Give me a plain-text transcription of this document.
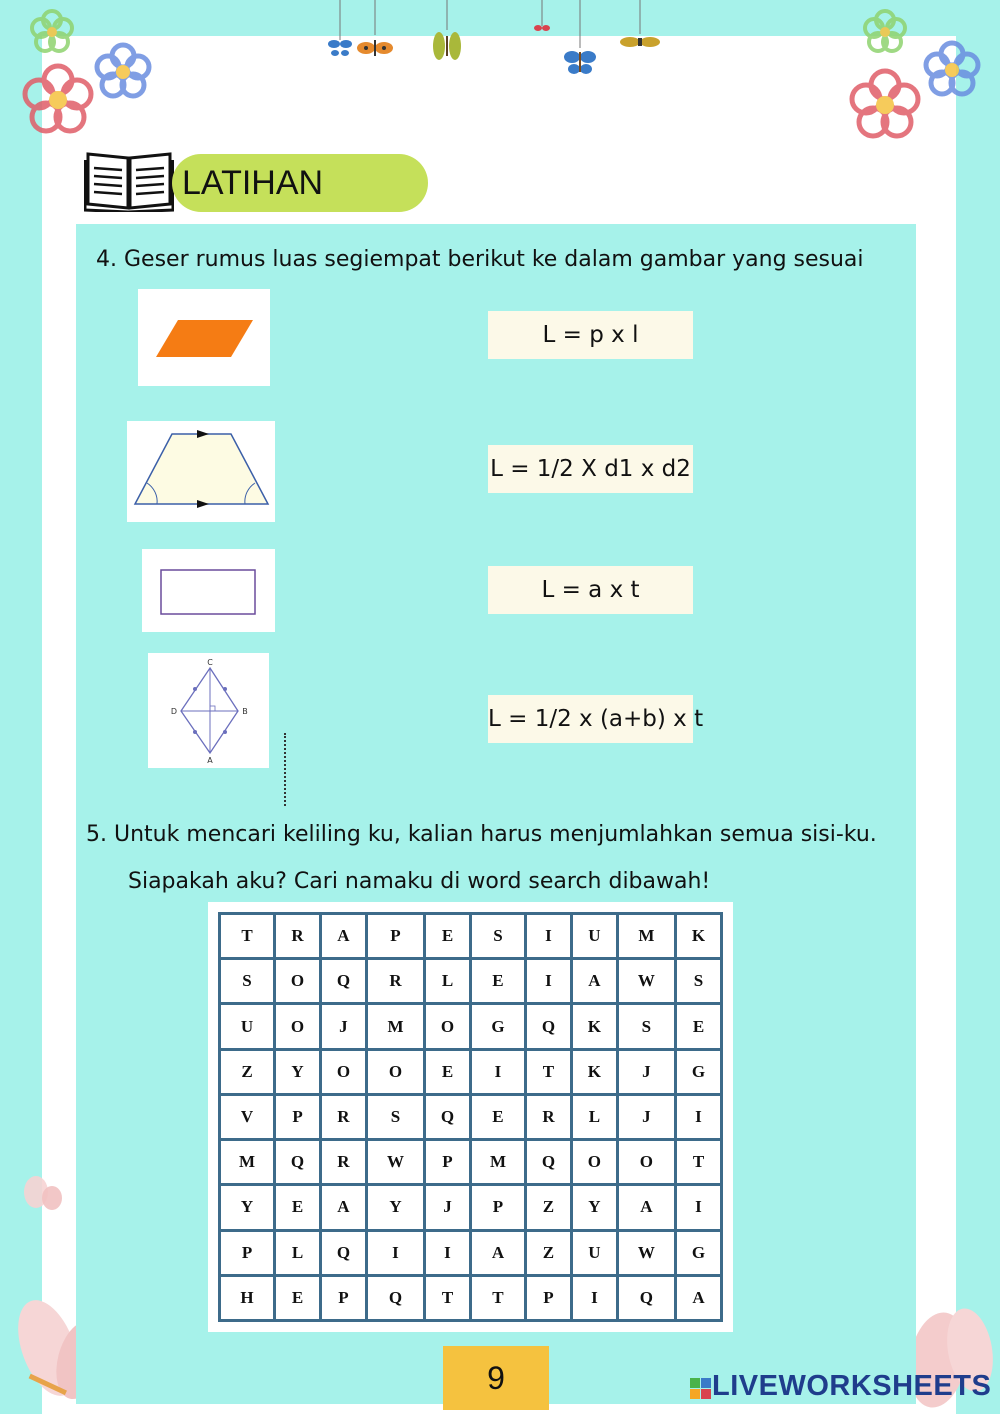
LATIHAN
4. Geser rumus luas segiempat berikut ke dalam gambar yang sesuai
C
D	B
A
L = p x l
L = 1/2 X d1 x d2
L = a x t
L = 1/2 x (a+b) x t
5. Untuk mencari keliling ku, kalian harus menjumlahkan semua sisi-ku.
Siapakah aku? Cari namaku di word search dibawah!
T	R	A	P	E	S	I	U	M	K
S	O	Q	R	L	E	I	A	W	S
U	O	J	M	O	G	Q	K	S	E
Z	Y	O	O	E	I	T	K	J	G
V	P	R	S	Q	E	R	L	J	I
M	Q	R	W	P	M	Q	O	O	T
Y	E	A	Y	J	P	Z	Y	A	I
P	L	Q	I	I	A	Z	U	W	G
H	E	P	Q	T	T	P	I	Q	A
9	LIVEWORKSHEETS
